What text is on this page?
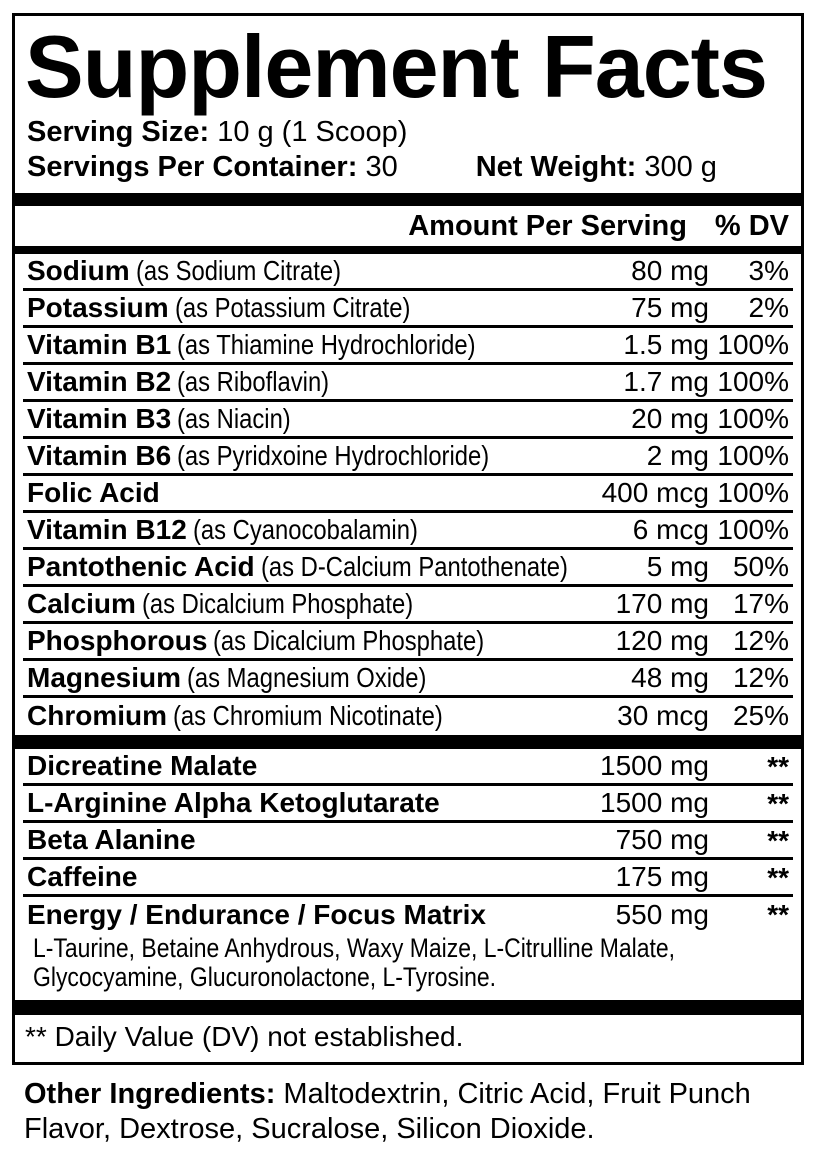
Supplement Facts
Serving Size: 10 g (1 Scoop)
Servings Per Container: 30	Net Weight: 300 g
Amount Per Serving % DV
Sodium (as Sodium Citrate)	80 mg	3%
Potassium (as Potassium Citrate)	75 mg	2%
Vitamin B1 (as Thiamine Hydrochloride)	1.5 mg 100%
Vitamin B2 (as Riboflavin)	1.7 mg 100%
Vitamin B3 (as Niacin)	20 mg 100%
Vitamin B6 (as Pyridxoine Hydrochloride)	2 mg 100%
Folic Acid	400 mcg 100%
Vitamin B12 (as Cyanocobalamin)	6 mcg 100%
Pantothenic Acid (as D-Calcium Pantothenate)	5 mg 50%
Calcium (as Dicalcium Phosphate)	170 mg 17%
Phosphorous (as Dicalcium Phosphate)	120 mg 12%
Magnesium (as Magnesium Oxide)	48 mg 12%
Chromium (as Chromium Nicotinate)	30 mcg 25%
Dicreatine Malate	1500 mg	**
L-Arginine Alpha Ketoglutarate	1500 mg	**
Beta Alanine	750 mg	**
Caffeine	175 mg	**
Energy / Endurance / Focus Matrix	550 mg	**
L-Taurine, Betaine Anhydrous, Waxy Maize, L-Citrulline Malate,
Glycocyamine, Glucuronolactone, L-Tyrosine.
** Daily Value (DV) not established.
Other Ingredients: Maltodextrin, Citric Acid, Fruit Punch Flavor, Dextrose, Sucralose, Silicon Dioxide.
